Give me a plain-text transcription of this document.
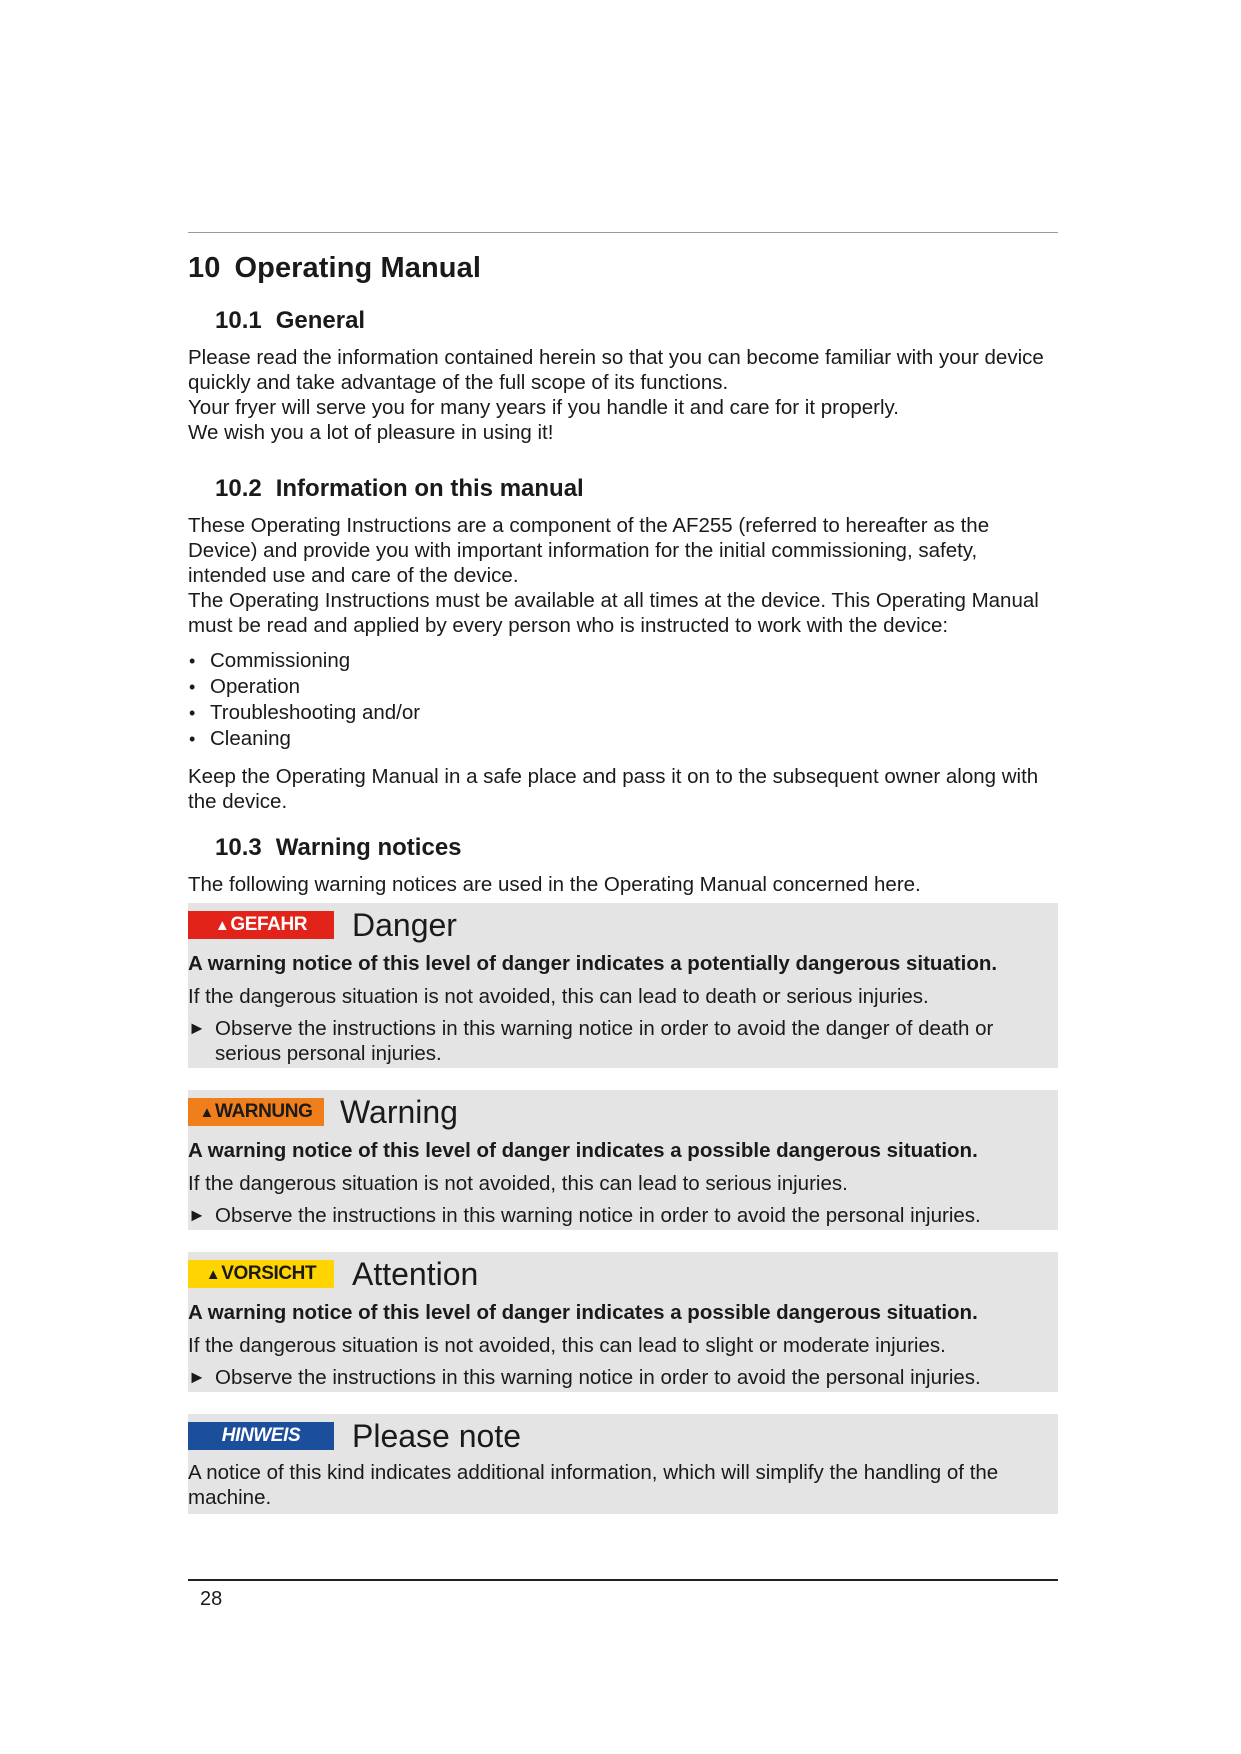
10 Operating Manual
10.1 General

Please read the information contained herein so that you can become familiar with your device quickly and take advantage of the full scope of its functions.

Your fryer will serve you for many years if you handle it and care for it properly.

We wish you a lot of pleasure in using it!

10.2 Information on this manual

These Operating Instructions are a component of the AF255 (referred to hereafter as the Device) and provide you with important information for the initial commissioning, safety, intended use and care of the device.

The Operating Instructions must be available at all times at the device. This Operating Manual must be read and applied by every person who is instructed to work with the device:

• Commissioning
• Operation
• Troubleshooting and/or
• Cleaning

Keep the Operating Manual in a safe place and pass it on to the subsequent owner along with the device.

10.3 Warning notices

The following warning notices are used in the Operating Manual concerned here.

▲ GEFAHR Danger

A warning notice of this level of danger indicates a potentially dangerous situation.

If the dangerous situation is not avoided, this can lead to death or serious injuries.

► Observe the instructions in this warning notice in order to avoid the danger of death or serious personal injuries.
▲ WARNUNG Warning

A warning notice of this level of danger indicates a possible dangerous situation.

If the dangerous situation is not avoided, this can lead to serious injuries.

► Observe the instructions in this warning notice in order to avoid the personal injuries.
▲ VORSICHT Attention

A warning notice of this level of danger indicates a possible dangerous situation.

If the dangerous situation is not avoided, this can lead to slight or moderate injuries.

► Observe the instructions in this warning notice in order to avoid the personal injuries.
HINWEIS	Please note

A notice of this kind indicates additional information, which will simplify the handling of the machine.

28
